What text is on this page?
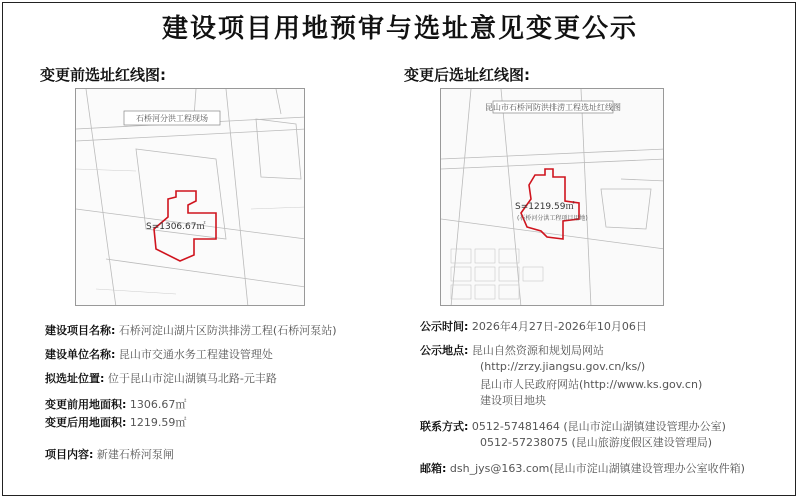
建设项目用地预审与选址意见变更公示
变更前选址红线图:
石桥河分洪工程现场
S=1306.67㎡
变更后选址红线图:
昆山市石桥河防洪排涝工程选址红线图
S=1219.59㎡
(石桥河分洪工程项目用地)
建设项目名称: 石桥河淀山湖片区防洪排涝工程(石桥河泵站)
建设单位名称: 昆山市交通水务工程建设管理处
拟选址位置: 位于昆山市淀山湖镇马北路-元丰路
变更前用地面积: 1306.67㎡
变更后用地面积: 1219.59㎡
项目内容: 新建石桥河泵闸
公示时间: 2026年4月27日-2026年10月06日
公示地点: 昆山自然资源和规划局网站
(http://zrzy.jiangsu.gov.cn/ks/)
昆山市人民政府网站(http://www.ks.gov.cn)
建设项目地块
联系方式: 0512-57481464 (昆山市淀山湖镇建设管理办公室)
0512-57238075 (昆山旅游度假区建设管理局)
邮箱: dsh_jys@163.com(昆山市淀山湖镇建设管理办公室收件箱)
